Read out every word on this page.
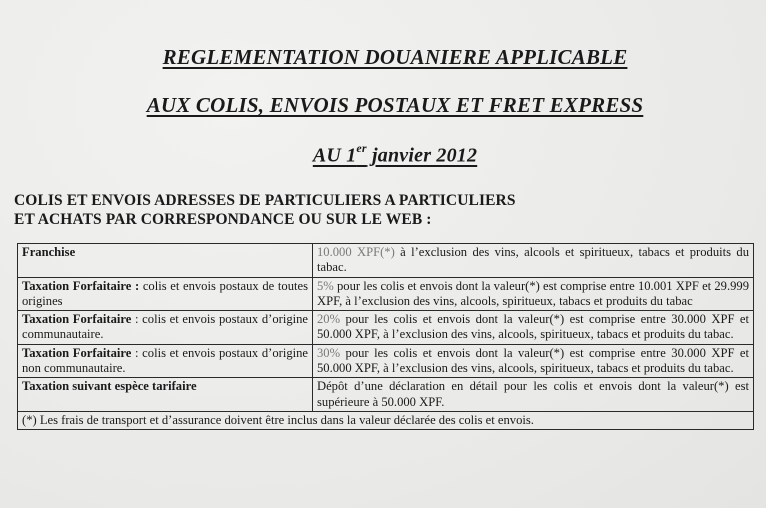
REGLEMENTATION DOUANIERE APPLICABLE
AUX COLIS, ENVOIS POSTAUX ET FRET EXPRESS
AU 1er janvier 2012
COLIS ET ENVOIS ADRESSES DE PARTICULIERS A PARTICULIERS
ET ACHATS PAR CORRESPONDANCE OU SUR LE WEB :
Franchise	10.000 XPF(*) à l’exclusion des vins, alcools et spiritueux, tabacs et produits du tabac.
Taxation Forfaitaire : colis et envois postaux de toutes origines	5% pour les colis et envois dont la valeur(*) est comprise entre 10.001 XPF et 29.999 XPF, à l’exclusion des vins, alcools, spiritueux, tabacs et produits du tabac
Taxation Forfaitaire : colis et envois postaux d’origine communautaire.	20% pour les colis et envois dont la valeur(*) est comprise entre 30.000 XPF et 50.000 XPF, à l’exclusion des vins, alcools, spiritueux, tabacs et produits du tabac.
Taxation Forfaitaire : colis et envois postaux d’origine non communautaire.	30% pour les colis et envois dont la valeur(*) est comprise entre 30.000 XPF et 50.000 XPF, à l’exclusion des vins, alcools, spiritueux, tabacs et produits du tabac.
Taxation suivant espèce tarifaire	Dépôt d’une déclaration en détail pour les colis et envois dont la valeur(*) est supérieure à 50.000 XPF.
(*) Les frais de transport et d’assurance doivent être inclus dans la valeur déclarée des colis et envois.	
